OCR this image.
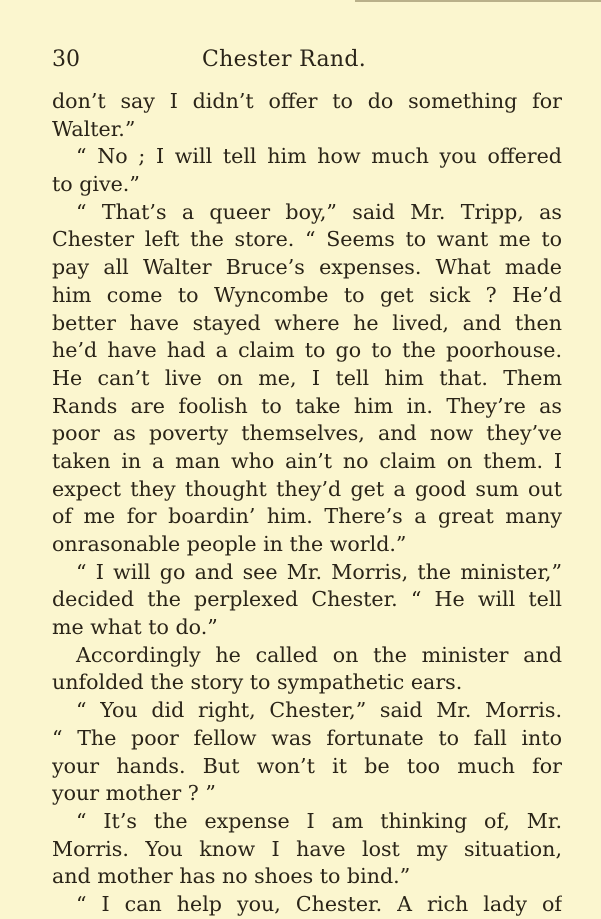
30	Chester Rand.
don’t say I didn’t offer to do something for
Walter.”
“ No ; I will tell him how much you offered
to give.”
“ That’s a queer boy,” said Mr. Tripp, as
Chester left the store. “ Seems to want me to
pay all Walter Bruce’s expenses. What made
him come to Wyncombe to get sick ? He’d
better have stayed where he lived, and then
he’d have had a claim to go to the poorhouse.
He can’t live on me, I tell him that. Them
Rands are foolish to take him in. They’re as
poor as poverty themselves, and now they’ve
taken in a man who ain’t no claim on them. I
expect they thought they’d get a good sum out
of me for boardin’ him. There’s a great many
onrasonable people in the world.”
“ I will go and see Mr. Morris, the minister,”
decided the perplexed Chester. “ He will tell
me what to do.”
Accordingly he called on the minister and
unfolded the story to sympathetic ears.
“ You did right, Chester,” said Mr. Morris.
“ The poor fellow was fortunate to fall into
your hands. But won’t it be too much for
your mother ? ”
“ It’s the expense I am thinking of, Mr.
Morris. You know I have lost my situation,
and mother has no shoes to bind.”
“ I can help you, Chester. A rich lady of
